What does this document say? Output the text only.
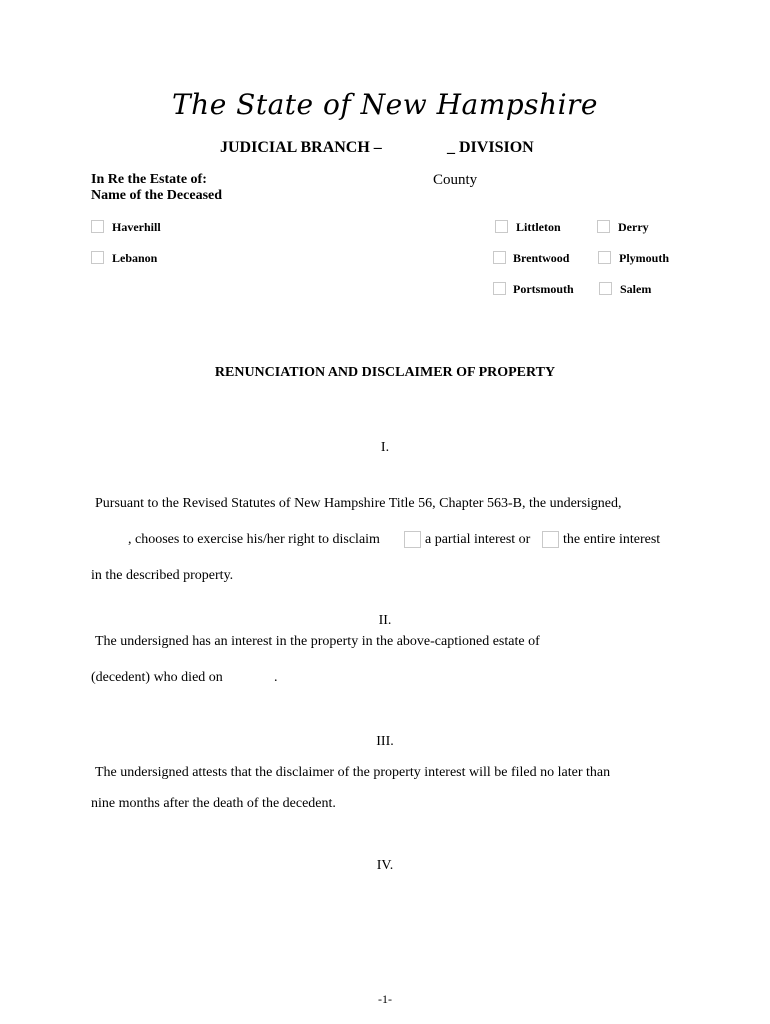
The State of New Hampshire
JUDICIAL BRANCH –	_ DIVISION
In Re the Estate of:
Name of the Deceased
County
Haverhill
Lebanon
Littleton	Derry
Brentwood	Plymouth
Portsmouth	Salem
RENUNCIATION AND DISCLAIMER OF PROPERTY
I.
Pursuant to the Revised Statutes of New Hampshire Title 56, Chapter 563-B, the undersigned,
, chooses to exercise his/her right to disclaim	a partial interest or the entire interest
in the described property.
II.
The undersigned has an interest in the property in the above-captioned estate of
(decedent) who died on	.
III.
The undersigned attests that the disclaimer of the property interest will be filed no later than
nine months after the death of the decedent.
IV.
-1-
